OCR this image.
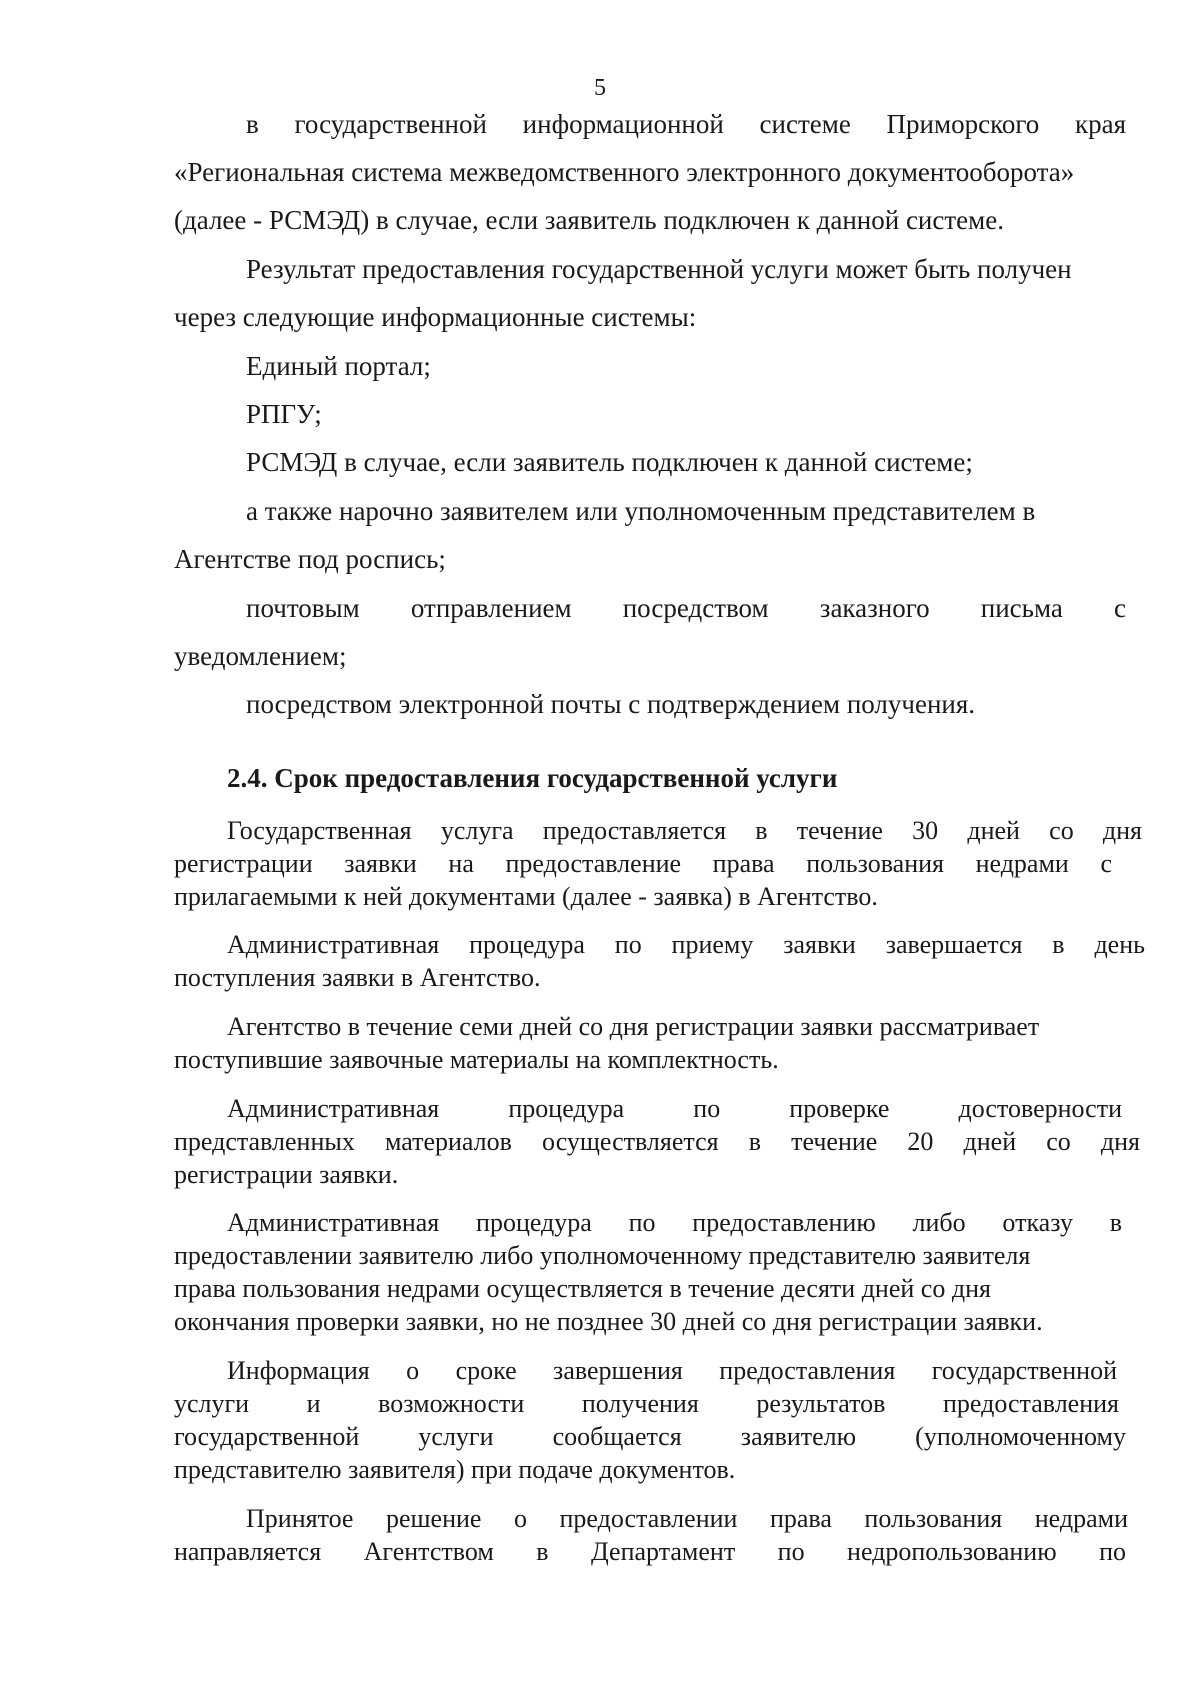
5
в государственной информационной системе Приморского края
«Региональная система межведомственного электронного документооборота»
(далее - РСМЭД) в случае, если заявитель подключен к данной системе.
Результат предоставления государственной услуги может быть получен
через следующие информационные системы:
Единый портал;
РПГУ;
РСМЭД в случае, если заявитель подключен к данной системе;
а также нарочно заявителем или уполномоченным представителем в
Агентстве под роспись;
почтовым отправлением посредством заказного письма с
уведомлением;
посредством электронной почты с подтверждением получения.
2.4. Срок предоставления государственной услуги
Государственная услуга предоставляется в течение 30 дней со дня
регистрации заявки на предоставление права пользования недрами с
прилагаемыми к ней документами (далее - заявка) в Агентство.
Административная процедура по приему заявки завершается в день
поступления заявки в Агентство.
Агентство в течение семи дней со дня регистрации заявки рассматривает
поступившие заявочные материалы на комплектность.
Административная процедура по проверке достоверности
представленных материалов осуществляется в течение 20 дней со дня
регистрации заявки.
Административная процедура по предоставлению либо отказу в
предоставлении заявителю либо уполномоченному представителю заявителя
права пользования недрами осуществляется в течение десяти дней со дня
окончания проверки заявки, но не позднее 30 дней со дня регистрации заявки.
Информация о сроке завершения предоставления государственной
услуги и возможности получения результатов предоставления
государственной услуги сообщается заявителю (уполномоченному
представителю заявителя) при подаче документов.
Принятое решение о предоставлении права пользования недрами
направляется Агентством в Департамент по недропользованию по
